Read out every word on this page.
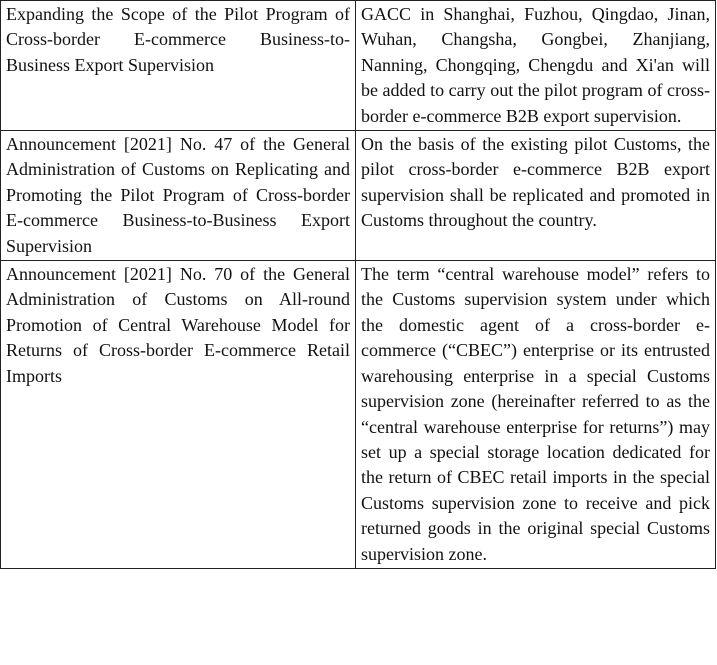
Expanding the Scope of the Pilot Program of Cross-border E-commerce Business-to-Business Export Supervision	GACC in Shanghai, Fuzhou, Qingdao, Jinan, Wuhan, Changsha, Gongbei, Zhanjiang, Nanning, Chongqing, Chengdu and Xi'an will be added to carry out the pilot program of cross-border e-commerce B2B export supervision.
Announcement [2021] No. 47 of the General Administration of Customs on Replicating and Promoting the Pilot Program of Cross-border E-commerce Business-to-Business Export Supervision	On the basis of the existing pilot Customs, the pilot cross-border e-commerce B2B export supervision shall be replicated and promoted in Customs throughout the country.
Announcement [2021] No. 70 of the General Administration of Customs on All-round Promotion of Central Warehouse Model for Returns of Cross-border E-commerce Retail Imports	The term “central warehouse model” refers to the Customs supervision system under which the domestic agent of a cross-border e-commerce (“CBEC”) enterprise or its entrusted warehousing enterprise in a special Customs supervision zone (hereinafter referred to as the “central warehouse enterprise for returns”) may set up a special storage location dedicated for the return of CBEC retail imports in the special Customs supervision zone to receive and pick returned goods in the original special Customs supervision zone.
